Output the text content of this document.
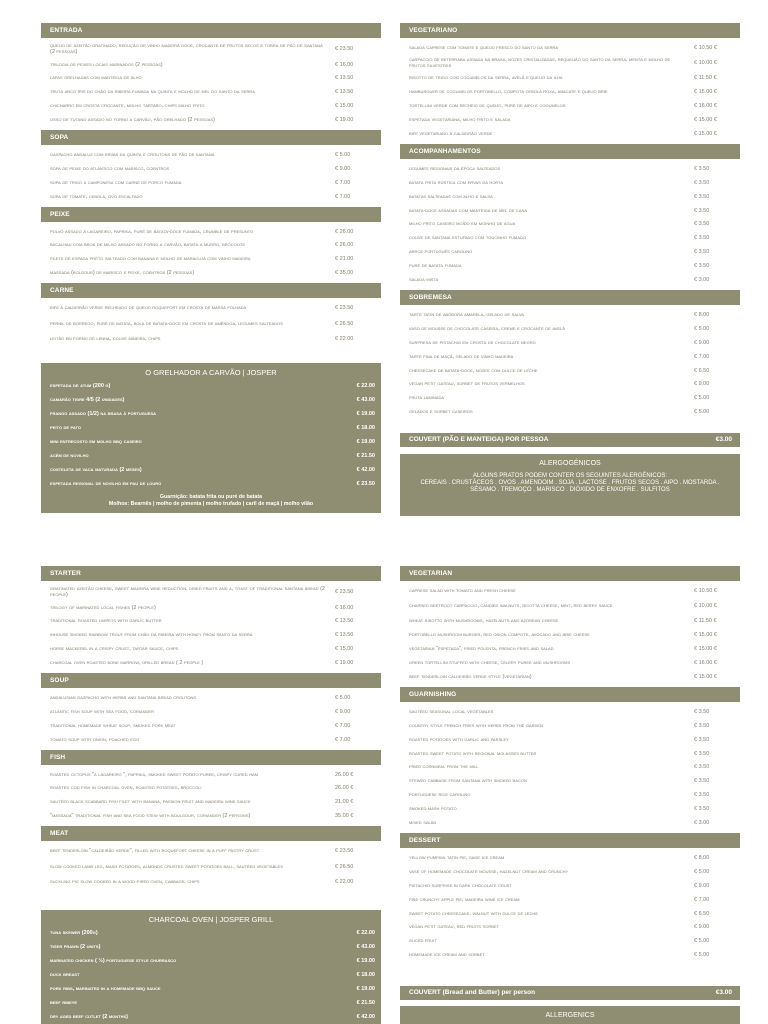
ENTRADA
queijo de azeitão gratinado, redução de vinho madeira doce, crocante de frutos secos e torra de pão de santana (2 pessoas)
€ 23.50
trilogia de peixes locais marinados (2 pessoas)	€ 16.00
lapas grelhadas com manteiga de alho	€ 13.50
truta arco íris do chão da ribeira fumada na quinta e molho de mel do santo da serra	€ 13.50
chicharro em crosta crocante, molho tártaro, chips milho frito	€ 15.00
osso de tutano assado no forno a carvão, pão grelhado (2 pessoas)	€ 19.00
SOPA
gaspacho andaluz com ervas da quinta e croutons de pão de santana	€ 5.00
sopa de peixe do atlântico com marisco, coentros	€ 9.00
sopa de trigo à camponesa com carne de porco fumada	€ 7.00
sopa de tomate, cebola, ovo escalfado	€ 7.00
PEIXE
polvo assado à lagareiro, paprika, puré de batata-doce fumada, crumble de presunto	€ 26.00
bacalhau com broa de milho assado no forno a carvão, batata a murro, brócolos	€ 26.00
filete de espada preto salteado com banana e molho de maracujá com vinho madeira	€ 21.00
massada (bolgour) de marisco e peixe, coentros (2 pessoas)	€ 35.00
CARNE
bife à caldeirão verde recheado de queijo roquefort em crosta de massa folhada	€ 23.50
pernil de borrego, puré de batata, bola de batata-doce em crosta de amêndoa, legumes salteados	€ 26.50
leitão em forno de lenha, couve mineira, chips	€ 22.00
O GRELHADOR A CARVÃO | JOSPER
espetada de atum (200 g)	€ 22.00
camarão tigre 4/5 (2 unidades)	€ 43.00
frango assado (1/2) na brasa à portuguesa	€ 19.00
peito de pato	€ 18.00
mini entrecosto em molho bbq caseiro	€ 19.00
acém de novilho	€ 21.50
costeleta de vaca maturada (2 meses)	€ 42.00
espetada regional de novilho em pau de louro	€ 23.50
Guarnição: batata frita ou puré de batata
Molhos: Bearnês | molho de pimenta | molho trufado | caril de maçã | molho vilão
VEGETARIANO
salada caprese com tomate e queijo fresco do santo da serra	€ 10.50 €
carpaccio de beterraba assada na brasa, nozes cristalizadas, requeijão do santo da serra, menta e molho de frutos silvestres
€ 10.00 €
risotto de trigo com cogumelos da serra, avelã e queijo da ilha	€ 11.50 €
hambúrguer de cogumelos portobello, compota cebola roxa, abacate e queijo brie	€ 15.00 €
tortellini verde com recheio de queijo, puré de aipo e cogumelos	€ 16.00 €
espetada vegetariana, milho frito e salada	€ 15.00 €
bife vegetariano à caldeirão verde	€ 15.00 €
ACOMPANHAMENTOS
legumes regionais da época salteados	€ 3.50
batata frita rústica com ervas da horta	€ 3.50
batatas salteadas com alho e salsa	€ 3.50
batata-doce assadas com manteiga de mel de cana	€ 3.50
milho frito caseiro moído em moinho de água	€ 3.50
couve de santana estufado com toucinho fumado	€ 3.50
arroz português carolino	€ 3.50
puré de batata fumada	€ 3.50
salada mista	€ 3.00
SOBREMESA
tarte tatin de abóbora amarela, gelado de salva	€ 8.00
vaso de mousse de chocolate caseira, creme e crocante de avelã	€ 5.00
surpresa de pistachio em crosta de chocolate negro	€ 9.00
tarte fina de maçã, gelado de vinho madeira	€ 7.00
cheesecake de batata-doce, nozes com dulce de leche	€ 6.50
vegan petit gateau, sorbet de frutos vermelhos	€ 9.00
fruta laminada	€ 5.00
gelados e sorbet caseiros	€ 5.00
COUVERT (PÃO E MANTEIGA) POR PESSOA	€3.00
ALERGOGÉNICOS
ALGUNS PRATOS PODEM CONTER OS SEGUINTES ALERGÉNICOS:
CEREAIS . CRUSTÁCEOS . OVOS . AMENDOIM . SOJA . LACTOSE . FRUTOS SECOS . AIPO . MOSTARDA . SÉSAMO . TREMOÇO . MARISCO . DIÓXIDO DE ENXOFRE . SULFITOS
STARTER
gratinated azeitão cheese, sweet madeira wine reduction, dried fruits and a, toast of traditional santana bread (2 people)
€ 23.50
trilogy of marinated local fishes (2 people)	€ 16.00
traditional roasted limpets with garlic butter	€ 13.50
inhouse smoked rainbow trout from chão da ribeira with honey from santo da serra	€ 13.50
horse mackerel in a crispy crust, tartar sauce, chips	€ 15.00
charcoal oven roasted bone marrow, grilled bread ( 2 people )	€ 19.00
SOUP
andalusian gazpacho with herbs and santana bread croutons	€ 5.00
atlantic fish soup with sea food, coriander	€ 9.00
traditional homemade wheat soup, smoked pork meat	€ 7.00
tomato soup with onion, poached egg	€ 7.00
FISH
roasted octopus "à lagareiro ", paprika, smoked sweet potato puree, crispy cured ham	26.00 €
roasted cod fish in charcoal oven, roasted potatoes, broccoli	26.00 €
sautéed black scabbard fish filet with banana, passion fruit and madeira wine sauce	21.00 €
"massada" traditional fish and sea food stew with boulgour, coriander (2 persons)	35.00 €
MEAT
beef tenderloin "caldeirão verde", filled with roquefort cheese in a puff pastry crust	€ 23.50
slow cooked lamb leg, mash potatoes, almonds crusted sweet potatoes ball, sautéed vegetables	€ 26.50
suckling pig slow cooked in a wood-fired oven, cabbage, chips	€ 22.00
CHARCOAL OVEN | JOSPER GRILL
tuna skewer (200g)	€ 22.00
tiger prawn (2 units)	€ 43.00
marinated chicken ( ½) portuguese style churrasco	€ 19.00
duck breast	€ 18.00
pork ribs, marinated in a homemade bbq sauce	€ 19.00
beef ribeye	€ 21.50
dry aged beef cutlet (2 months)	€ 42.00
VEGETARIAN
caprese salad with tomato and fresh cheese	€ 10.50 €
charred beetroot carpaccio, candied walnuts, ricotta cheese, mint, red berry sauce	€ 10.00 €
wheat risotto with mushrooms, hazelnuts and azorean cheese	€ 11.50 €
portobello mushroom burger, red onion compote, avocado and brie cheese	€ 15.00 €
vegetarian "espetada", fried polenta, french fries and salad	€ 15.00 €
green tortellini stuffed with cheese, celery puree and mushrooms	€ 16.00 €
beef tenderloin caldeirão verde style (vegetarian)	€ 15.00 €
GUARNISHING
sautéed seasonal local vegetables	€ 3.50
country style french fries with herbs from the garden	€ 3.50
roasted potatoes with garlic and parsley	€ 3.50
roasted sweet potato with regional molasses butter	€ 3.50
fried cornmeal from the mill	€ 3.50
stewed cabbage from santana with smoked bacon	€ 3.50
portuguese rice carolino	€ 3.50
smoked mash potato	€ 3.50
mixed salad	€ 3.00
DESSERT
yellow pumpkin tatin pie, sage ice cream	€ 8.00
vase of homemade chocolate mousse, hazelnut cream and crunchy	€ 5.00
pistachio surprise in dark chocolate crust	€ 9.00
fine crunchy apple pie, madeira wine ice cream	€ 7.00
sweet potato cheesecake, walnut with dulce de leche	€ 6.50
vegan petit gateau, red fruits sorbet	€ 9.00
sliced fruit	€ 5.00
homemade ice cream and sorbet	€ 5.00
COUVERT (Bread and Butter) per person	€3.00
ALLERGENICS
